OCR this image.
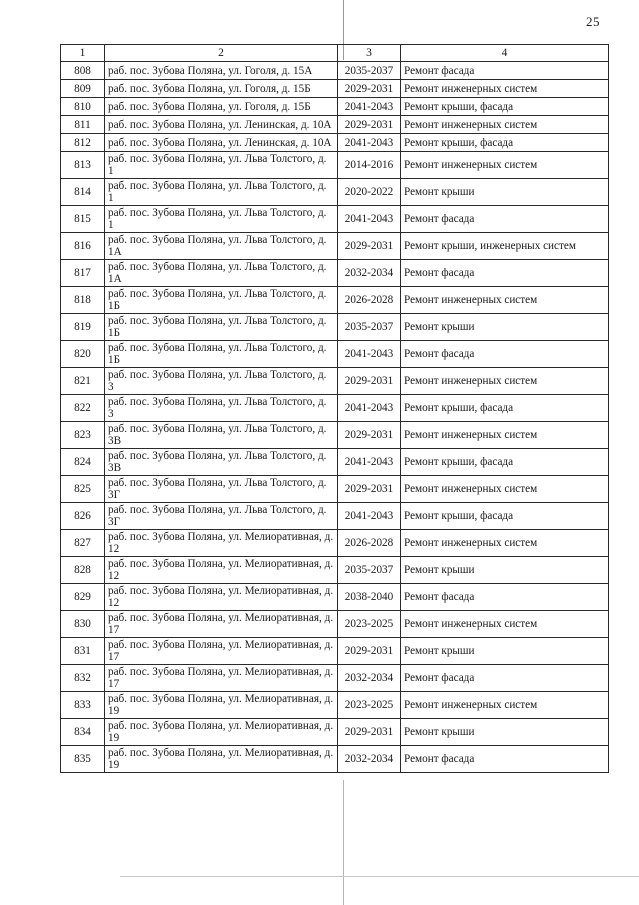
25
1	2	3	4
808	раб. пос. Зубова Поляна, ул. Гоголя, д. 15А	2035-2037	Ремонт фасада
809	раб. пос. Зубова Поляна, ул. Гоголя, д. 15Б	2029-2031	Ремонт инженерных систем
810	раб. пос. Зубова Поляна, ул. Гоголя, д. 15Б	2041-2043	Ремонт крыши, фасада
811	раб. пос. Зубова Поляна, ул. Ленинская, д. 10А	2029-2031	Ремонт инженерных систем
812	раб. пос. Зубова Поляна, ул. Ленинская, д. 10А	2041-2043	Ремонт крыши, фасада
813	раб. пос. Зубова Поляна, ул. Льва Толстого, д. 1	2014-2016	Ремонт инженерных систем
814	раб. пос. Зубова Поляна, ул. Льва Толстого, д. 1	2020-2022	Ремонт крыши
815	раб. пос. Зубова Поляна, ул. Льва Толстого, д. 1	2041-2043	Ремонт фасада
816	раб. пос. Зубова Поляна, ул. Льва Толстого, д. 1А	2029-2031	Ремонт крыши, инженерных систем
817	раб. пос. Зубова Поляна, ул. Льва Толстого, д. 1А	2032-2034	Ремонт фасада
818	раб. пос. Зубова Поляна, ул. Льва Толстого, д. 1Б	2026-2028	Ремонт инженерных систем
819	раб. пос. Зубова Поляна, ул. Льва Толстого, д. 1Б	2035-2037	Ремонт крыши
820	раб. пос. Зубова Поляна, ул. Льва Толстого, д. 1Б	2041-2043	Ремонт фасада
821	раб. пос. Зубова Поляна, ул. Льва Толстого, д. 3	2029-2031	Ремонт инженерных систем
822	раб. пос. Зубова Поляна, ул. Льва Толстого, д. 3	2041-2043	Ремонт крыши, фасада
823	раб. пос. Зубова Поляна, ул. Льва Толстого, д. 3В	2029-2031	Ремонт инженерных систем
824	раб. пос. Зубова Поляна, ул. Льва Толстого, д. 3В	2041-2043	Ремонт крыши, фасада
825	раб. пос. Зубова Поляна, ул. Льва Толстого, д. 3Г	2029-2031	Ремонт инженерных систем
826	раб. пос. Зубова Поляна, ул. Льва Толстого, д. 3Г	2041-2043	Ремонт крыши, фасада
827	раб. пос. Зубова Поляна, ул. Мелиоративная, д. 12	2026-2028	Ремонт инженерных систем
828	раб. пос. Зубова Поляна, ул. Мелиоративная, д. 12	2035-2037	Ремонт крыши
829	раб. пос. Зубова Поляна, ул. Мелиоративная, д. 12	2038-2040	Ремонт фасада
830	раб. пос. Зубова Поляна, ул. Мелиоративная, д. 17	2023-2025	Ремонт инженерных систем
831	раб. пос. Зубова Поляна, ул. Мелиоративная, д. 17	2029-2031	Ремонт крыши
832	раб. пос. Зубова Поляна, ул. Мелиоративная, д. 17	2032-2034	Ремонт фасада
833	раб. пос. Зубова Поляна, ул. Мелиоративная, д. 19	2023-2025	Ремонт инженерных систем
834	раб. пос. Зубова Поляна, ул. Мелиоративная, д. 19	2029-2031	Ремонт крыши
835	раб. пос. Зубова Поляна, ул. Мелиоративная, д. 19	2032-2034	Ремонт фасада
